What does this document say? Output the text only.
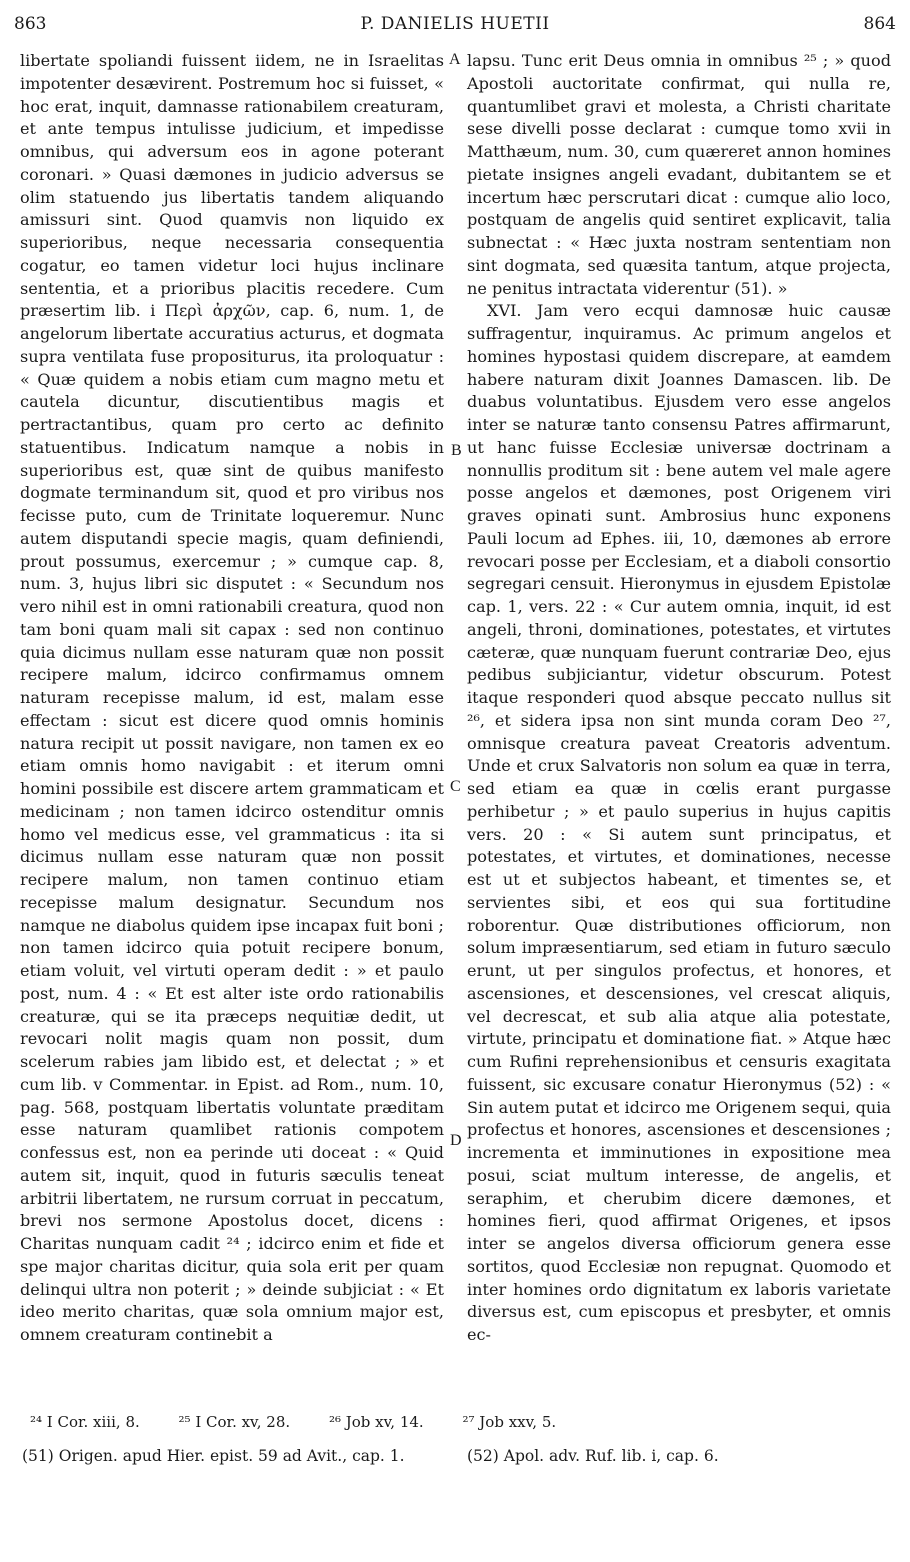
863	P. DANIELIS HUETII	864

libertate spoliandi fuissent iidem, ne in Israelitas impotenter desævirent. Postremum hoc si fuisset, « hoc erat, inquit, damnasse rationabilem creaturam, et ante tempus intulisse judicium, et impedisse omnibus, qui adversum eos in agone poterant coronari. » Quasi dæmones in judicio adversus se olim statuendo jus libertatis tandem aliquando amissuri sint. Quod quamvis non liquido ex superioribus, neque necessaria consequentia cogatur, eo tamen videtur loci hujus inclinare sententia, et a prioribus placitis recedere. Cum præsertim lib. i Περὶ ἀρχῶν, cap. 6, num. 1, de angelorum libertate accuratius acturus, et dogmata supra ventilata fuse propositurus, ita proloquatur : « Quæ quidem a nobis etiam cum magno metu et cautela dicuntur, discutientibus magis et pertractantibus, quam pro certo ac definito statuentibus. Indicatum namque a nobis in superioribus est, quæ sint de quibus manifesto dogmate terminandum sit, quod et pro viribus nos fecisse puto, cum de Trinitate loqueremur. Nunc autem disputandi specie magis, quam definiendi, prout possumus, exercemur ; » cumque cap. 8, num. 3, hujus libri sic disputet : « Secundum nos vero nihil est in omni rationabili creatura, quod non tam boni quam mali sit capax : sed non continuo quia dicimus nullam esse naturam quæ non possit recipere malum, idcirco confirmamus omnem naturam recepisse malum, id est, malam esse effectam : sicut est dicere quod omnis hominis natura recipit ut possit navigare, non tamen ex eo etiam omnis homo navigabit : et iterum omni homini possibile est discere artem grammaticam et medicinam ; non tamen idcirco ostenditur omnis homo vel medicus esse, vel grammaticus : ita si dicimus nullam esse naturam quæ non possit recipere malum, non tamen continuo etiam recepisse malum designatur. Secundum nos namque ne diabolus quidem ipse incapax fuit boni ; non tamen idcirco quia potuit recipere bonum, etiam voluit, vel virtuti operam dedit : » et paulo post, num. 4 : « Et est alter iste ordo rationabilis creaturæ, qui se ita præceps nequitiæ dedit, ut revocari nolit magis quam non possit, dum scelerum rabies jam libido est, et delectat ; » et cum lib. v Commentar. in Epist. ad Rom., num. 10, pag. 568, postquam libertatis voluntate præditam esse naturam quamlibet rationis compotem confessus est, non ea perinde uti doceat : « Quid autem sit, inquit, quod in futuris sæculis teneat arbitrii libertatem, ne rursum corruat in peccatum, brevi nos sermone Apostolus docet, dicens : Charitas nunquam cadit ²⁴ ; idcirco enim et fide et spe major charitas dicitur, quia sola erit per quam delinqui ultra non poterit ; » deinde subjiciat : « Et ideo merito charitas, quæ sola omnium major est, omnem creaturam continebit a

lapsu. Tunc erit Deus omnia in omnibus ²⁵ ; » quod Apostoli auctoritate confirmat, qui nulla re, quantumlibet gravi et molesta, a Christi charitate sese divelli posse declarat : cumque tomo xvii in Matthæum, num. 30, cum quæreret annon homines pietate insignes angeli evadant, dubitantem se et incertum hæc perscrutari dicat : cumque alio loco, postquam de angelis quid sentiret explicavit, talia subnectat : « Hæc juxta nostram sententiam non sint dogmata, sed quæsita tantum, atque projecta, ne penitus intractata viderentur (51). »

XVI. Jam vero ecqui damnosæ huic causæ suffragentur, inquiramus. Ac primum angelos et homines hypostasi quidem discrepare, at eamdem habere naturam dixit Joannes Damascen. lib. De duabus voluntatibus. Ejusdem vero esse angelos inter se naturæ tanto consensu Patres affirmarunt, ut hanc fuisse Ecclesiæ universæ doctrinam a nonnullis proditum sit : bene autem vel male agere posse angelos et dæmones, post Origenem viri graves opinati sunt. Ambrosius hunc exponens Pauli locum ad Ephes. iii, 10, dæmones ab errore revocari posse per Ecclesiam, et a diaboli consortio segregari censuit. Hieronymus in ejusdem Epistolæ cap. 1, vers. 22 : « Cur autem omnia, inquit, id est angeli, throni, dominationes, potestates, et virtutes cæteræ, quæ nunquam fuerunt contrariæ Deo, ejus pedibus subjiciantur, videtur obscurum. Potest itaque responderi quod absque peccato nullus sit ²⁶, et sidera ipsa non sint munda coram Deo ²⁷, omnisque creatura paveat Creatoris adventum. Unde et crux Salvatoris non solum ea quæ in terra, sed etiam ea quæ in cœlis erant purgasse perhibetur ; » et paulo superius in hujus capitis vers. 20 : « Si autem sunt principatus, et potestates, et virtutes, et dominationes, necesse est ut et subjectos habeant, et timentes se, et servientes sibi, et eos qui sua fortitudine roborentur. Quæ distributiones officiorum, non solum impræsentiarum, sed etiam in futuro sæculo erunt, ut per singulos profectus, et honores, et ascensiones, et descensiones, vel crescat aliquis, vel decrescat, et sub alia atque alia potestate, virtute, principatu et dominatione fiat. » Atque hæc cum Rufini reprehensionibus et censuris exagitata fuissent, sic excusare conatur Hieronymus (52) : « Sin autem putat et idcirco me Origenem sequi, quia profectus et honores, ascensiones et descensiones ; incrementa et imminutiones in expositione mea posui, sciat multum interesse, de angelis, et seraphim, et cherubim dicere dæmones, et homines fieri, quod affirmat Origenes, et ipsos inter se angelos diversa officiorum genera esse sortitos, quod Ecclesiæ non repugnat. Quomodo et inter homines ordo dignitatum ex laboris varietate diversus est, cum episcopus et presbyter, et omnis ec-

A
B
C
D
²⁴ I Cor. xiii, 8.	²⁵ I Cor. xv, 28.	²⁶ Job xv, 14.	²⁷ Job xxv, 5.
(51) Origen. apud Hier. epist. 59 ad Avit., cap. 1.	(52) Apol. adv. Ruf. lib. i, cap. 6.
